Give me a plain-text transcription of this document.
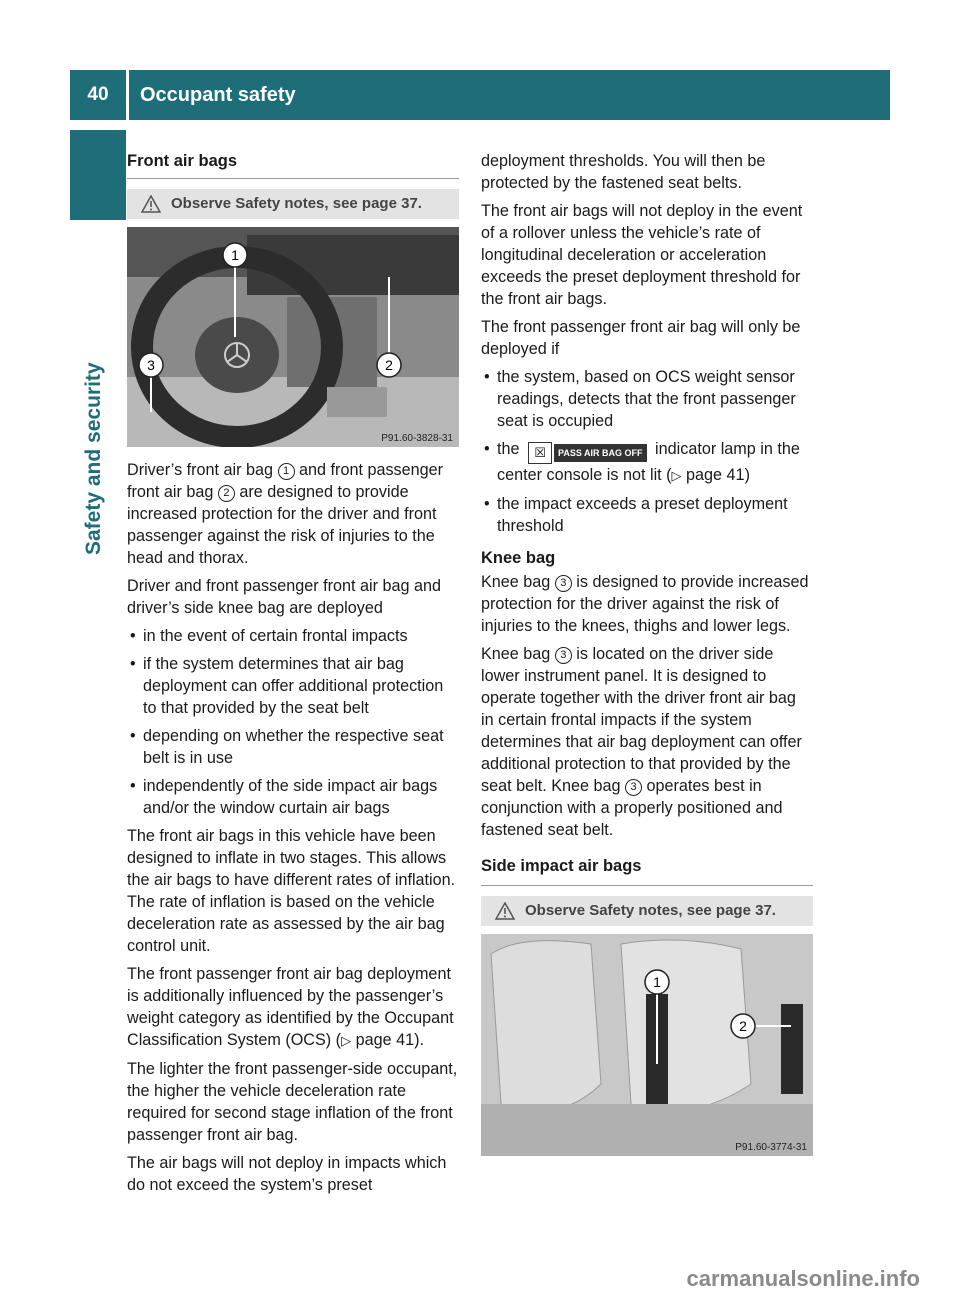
40	Occupant safety
Safety and security
Front air bags
Observe Safety notes, see page 37.
1
2
3
P91.60-3828-31

Driver’s front air bag 1 and front passenger front air bag 2 are designed to provide increased protection for the driver and front passenger against the risk of injuries to the head and thorax.

Driver and front passenger front air bag and driver’s side knee bag are deployed

• in the event of certain frontal impacts
• if the system determines that air bag deployment can offer additional protection to that provided by the seat belt
• depending on whether the respective seat belt is in use
• independently of the side impact air bags and/or the window curtain air bags

The front air bags in this vehicle have been designed to inflate in two stages. This allows the air bags to have different rates of inflation. The rate of inflation is based on the vehicle deceleration rate as assessed by the air bag control unit.

The front passenger front air bag deployment is additionally influenced by the passenger’s weight category as identified by the Occupant Classification System (OCS) (▷ page 41).

The lighter the front passenger-side occupant, the higher the vehicle deceleration rate required for second stage inflation of the front passenger front air bag.

The air bags will not deploy in impacts which do not exceed the system’s preset

deployment thresholds. You will then be protected by the fastened seat belts.

The front air bags will not deploy in the event of a rollover unless the vehicle’s rate of longitudinal deceleration or acceleration exceeds the preset deployment threshold for the front air bags.

The front passenger front air bag will only be deployed if

• the system, based on OCS weight sensor readings, detects that the front passenger seat is occupied
• the ☒	PASS AIR BAG OFF indicator lamp in the center console is not lit (▷ page 41)
• the impact exceeds a preset deployment threshold
Knee bag

Knee bag 3 is designed to provide increased protection for the driver against the risk of injuries to the knees, thighs and lower legs.

Knee bag 3 is located on the driver side lower instrument panel. It is designed to operate together with the driver front air bag in certain frontal impacts if the system determines that air bag deployment can offer additional protection to that provided by the seat belt. Knee bag 3 operates best in conjunction with a properly positioned and fastened seat belt.

Side impact air bags
Observe Safety notes, see page 37.
1
2
P91.60-3774-31
carmanualsonline.info
